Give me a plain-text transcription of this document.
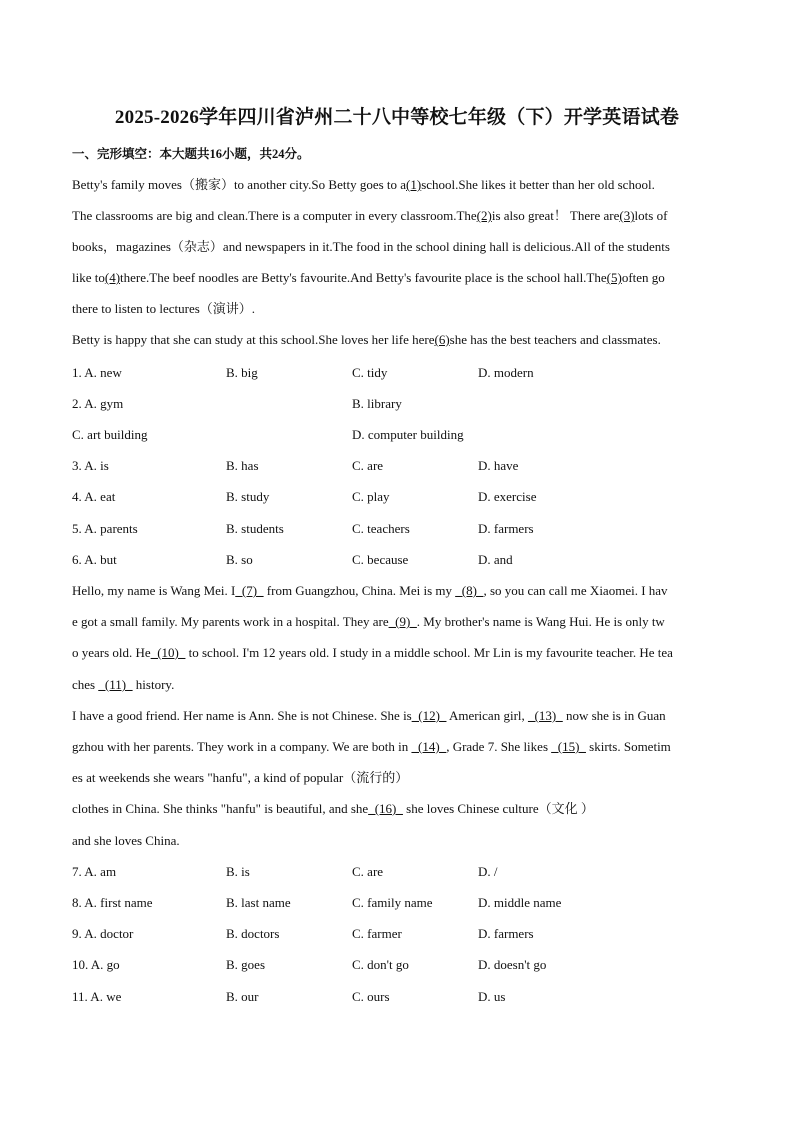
2025-2026学年四川省泸州二十八中等校七年级（下）开学英语试卷
一、完形填空：本大题共16小题，共24分。
Betty's family moves（搬家）to another city.So Betty goes to a(1)school.She likes it better than her old school.
The classrooms are big and clean.There is a computer in every classroom.The(2)is also great！ There are(3)lots of
books，magazines（杂志）and newspapers in it.The food in the school dining hall is delicious.All of the students
like to(4)there.The beef noodles are Betty's favourite.And Betty's favourite place is the school hall.The(5)often go
there to listen to lectures（演讲）.
Betty is happy that she can study at this school.She loves her life here(6)she has the best teachers and classmates.
1. A. new	B. big	C. tidy	D. modern
2. A. gym	B. library
C. art building	D. computer building
3. A. is	B. has	C. are	D. have
4. A. eat	B. study	C. play	D. exercise
5. A. parents	B. students	C. teachers	D. farmers
6. A. but	B. so	C. because	D. and
Hello, my name is Wang Mei. I_(7)_ from Guangzhou, China. Mei is my _(8)_, so you can call me Xiaomei. I hav
e got a small family. My parents work in a hospital. They are_(9)_. My brother's name is Wang Hui. He is only tw
o years old. He_(10)_ to school. I'm 12 years old. I study in a middle school. Mr Lin is my favourite teacher. He tea
ches _(11)_ history.
I have a good friend. Her name is Ann. She is not Chinese. She is_(12)_ American girl, _(13)_ now she is in Guan
gzhou with her parents. They work in a company. We are both in _(14)_, Grade 7. She likes _(15)_ skirts. Sometim
es at weekends she wears "hanfu", a kind of popular（流行的）
clothes in China. She thinks "hanfu" is beautiful, and she_(16)_ she loves Chinese culture（文化 ）
and she loves China.
7. A. am	B. is	C. are	D. /
8. A. first name	B. last name	C. family name	D. middle name
9. A. doctor	B. doctors	C. farmer	D. farmers
10. A. go	B. goes	C. don't go	D. doesn't go
11. A. we	B. our	C. ours	D. us
